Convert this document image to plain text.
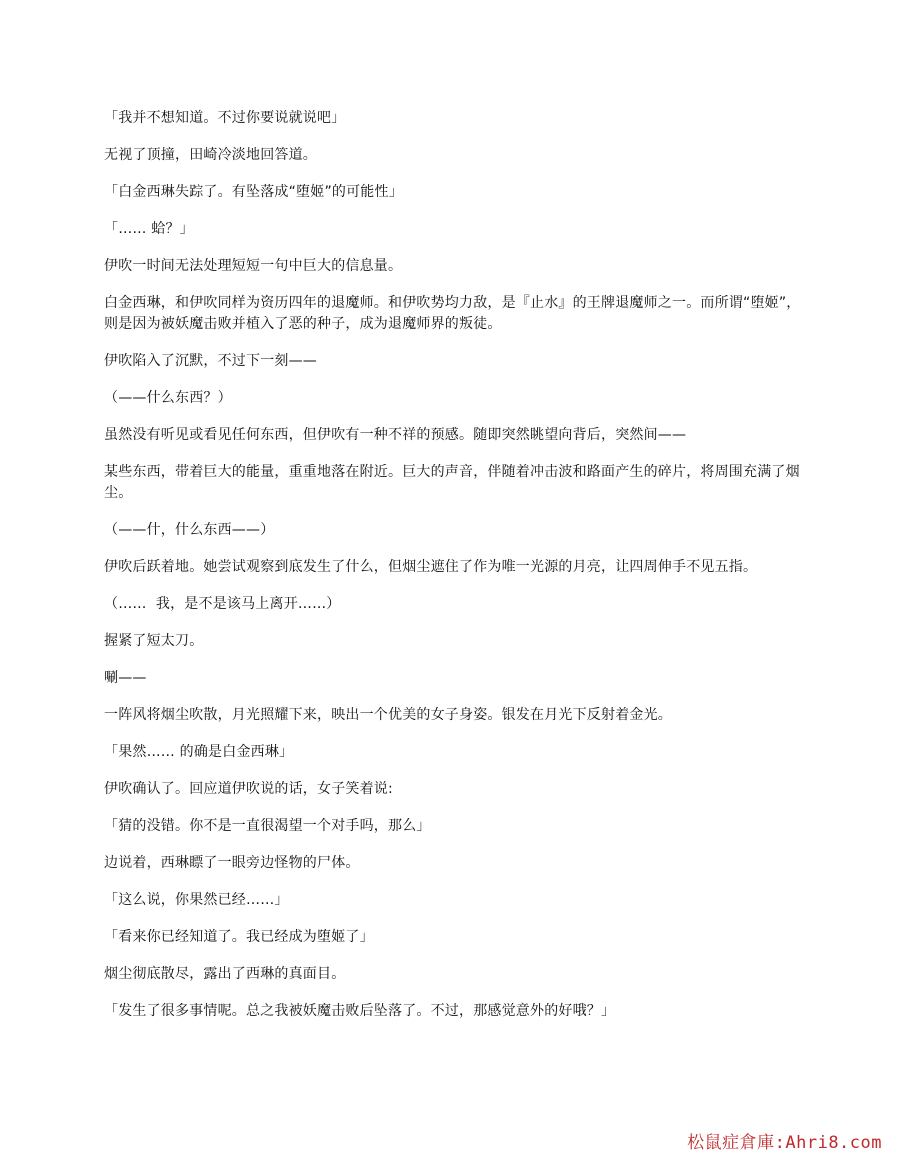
「我并不想知道。不过你要说就说吧」

无视了顶撞，田崎冷淡地回答道。

「白金西琳失踪了。有坠落成“堕姬”的可能性」

「…… 蛤？」

伊吹一时间无法处理短短一句中巨大的信息量。

白金西琳，和伊吹同样为资历四年的退魔师。和伊吹势均力敌，是『止水』的王牌退魔师之一。而所谓“堕姬”，则是因为被妖魔击败并植入了恶的种子，成为退魔师界的叛徒。

伊吹陷入了沉默，不过下一刻——

（——什么东西？）

虽然没有听见或看见任何东西，但伊吹有一种不祥的预感。随即突然眺望向背后，突然间——

某些东西，带着巨大的能量，重重地落在附近。巨大的声音，伴随着冲击波和路面产生的碎片，将周围充满了烟尘。

（——什，什么东西——）

伊吹后跃着地。她尝试观察到底发生了什么，但烟尘遮住了作为唯一光源的月亮，让四周伸手不见五指。

（……  我，是不是该马上离开……）

握紧了短太刀。

唰——

一阵风将烟尘吹散，月光照耀下来，映出一个优美的女子身姿。银发在月光下反射着金光。

「果然…… 的确是白金西琳」

伊吹确认了。回应道伊吹说的话，女子笑着说:

「猜的没错。你不是一直很渴望一个对手吗，那么」

边说着，西琳瞟了一眼旁边怪物的尸体。

「这么说，你果然已经……」

「看来你已经知道了。我已经成为堕姬了」

烟尘彻底散尽，露出了西琳的真面目。

「发生了很多事情呢。总之我被妖魔击败后坠落了。不过，那感觉意外的好哦？」

松鼠症倉庫:Ahri8.com
